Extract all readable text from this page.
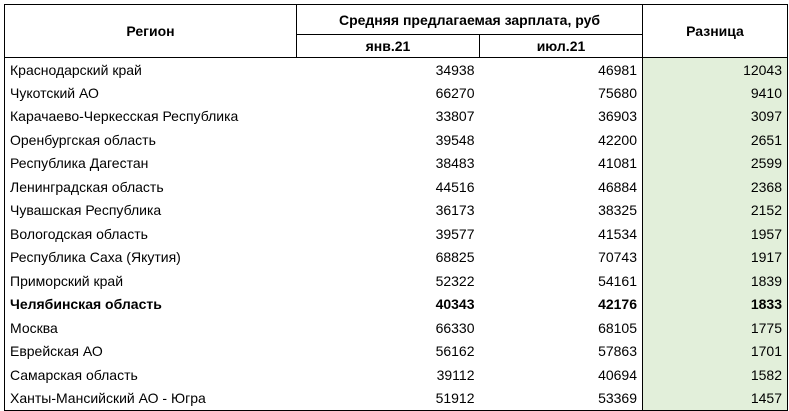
Регион	Средняя предлагаемая зарплата, руб		Разница
	янв.21	июл.21	
Краснодарский край	34938	46981	12043
Чукотский АО	66270	75680	9410
Карачаево-Черкесская Республика	33807	36903	3097
Оренбургская область	39548	42200	2651
Республика Дагестан	38483	41081	2599
Ленинградская область	44516	46884	2368
Чувашская Республика	36173	38325	2152
Вологодская область	39577	41534	1957
Республика Саха (Якутия)	68825	70743	1917
Приморский край	52322	54161	1839
Челябинская область	40343	42176	1833
Москва	66330	68105	1775
Еврейская АО	56162	57863	1701
Самарская область	39112	40694	1582
Ханты-Мансийский АО - Югра	51912	53369	1457
